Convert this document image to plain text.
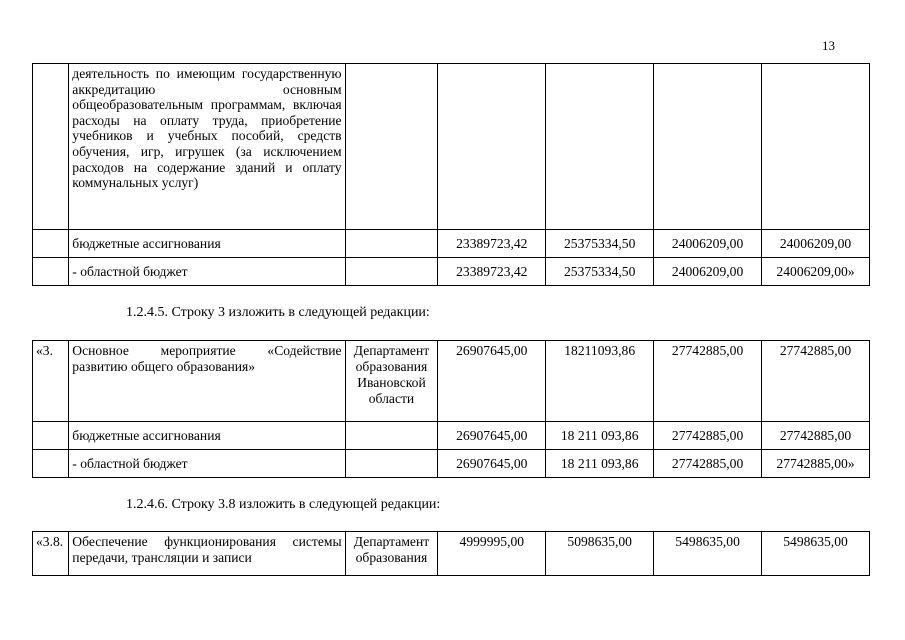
13
	деятельность по имеющим государственную аккредитацию основным общеобразовательным программам, включая расходы на оплату труда, приобретение учебников и учебных пособий, средств обучения, игр, игрушек (за исключением расходов на содержание зданий и оплату коммунальных услуг)					
	бюджетные ассигнования		23389723,42	25375334,50	24006209,00	24006209,00
	- областной бюджет		23389723,42	25375334,50	24006209,00	24006209,00»
1.2.4.5. Строку 3 изложить в следующей редакции:
«3.	Основное мероприятие «Содействие развитию общего образования»	Департамент образования Ивановской области	26907645,00	18211093,86	27742885,00	27742885,00
	бюджетные ассигнования		26907645,00	18 211 093,86	27742885,00	27742885,00
	- областной бюджет		26907645,00	18 211 093,86	27742885,00	27742885,00»
1.2.4.6. Строку 3.8 изложить в следующей редакции:
«3.8.	Обеспечение функционирования системы передачи, трансляции и записи	Департамент образования	4999995,00	5098635,00	5498635,00	5498635,00
